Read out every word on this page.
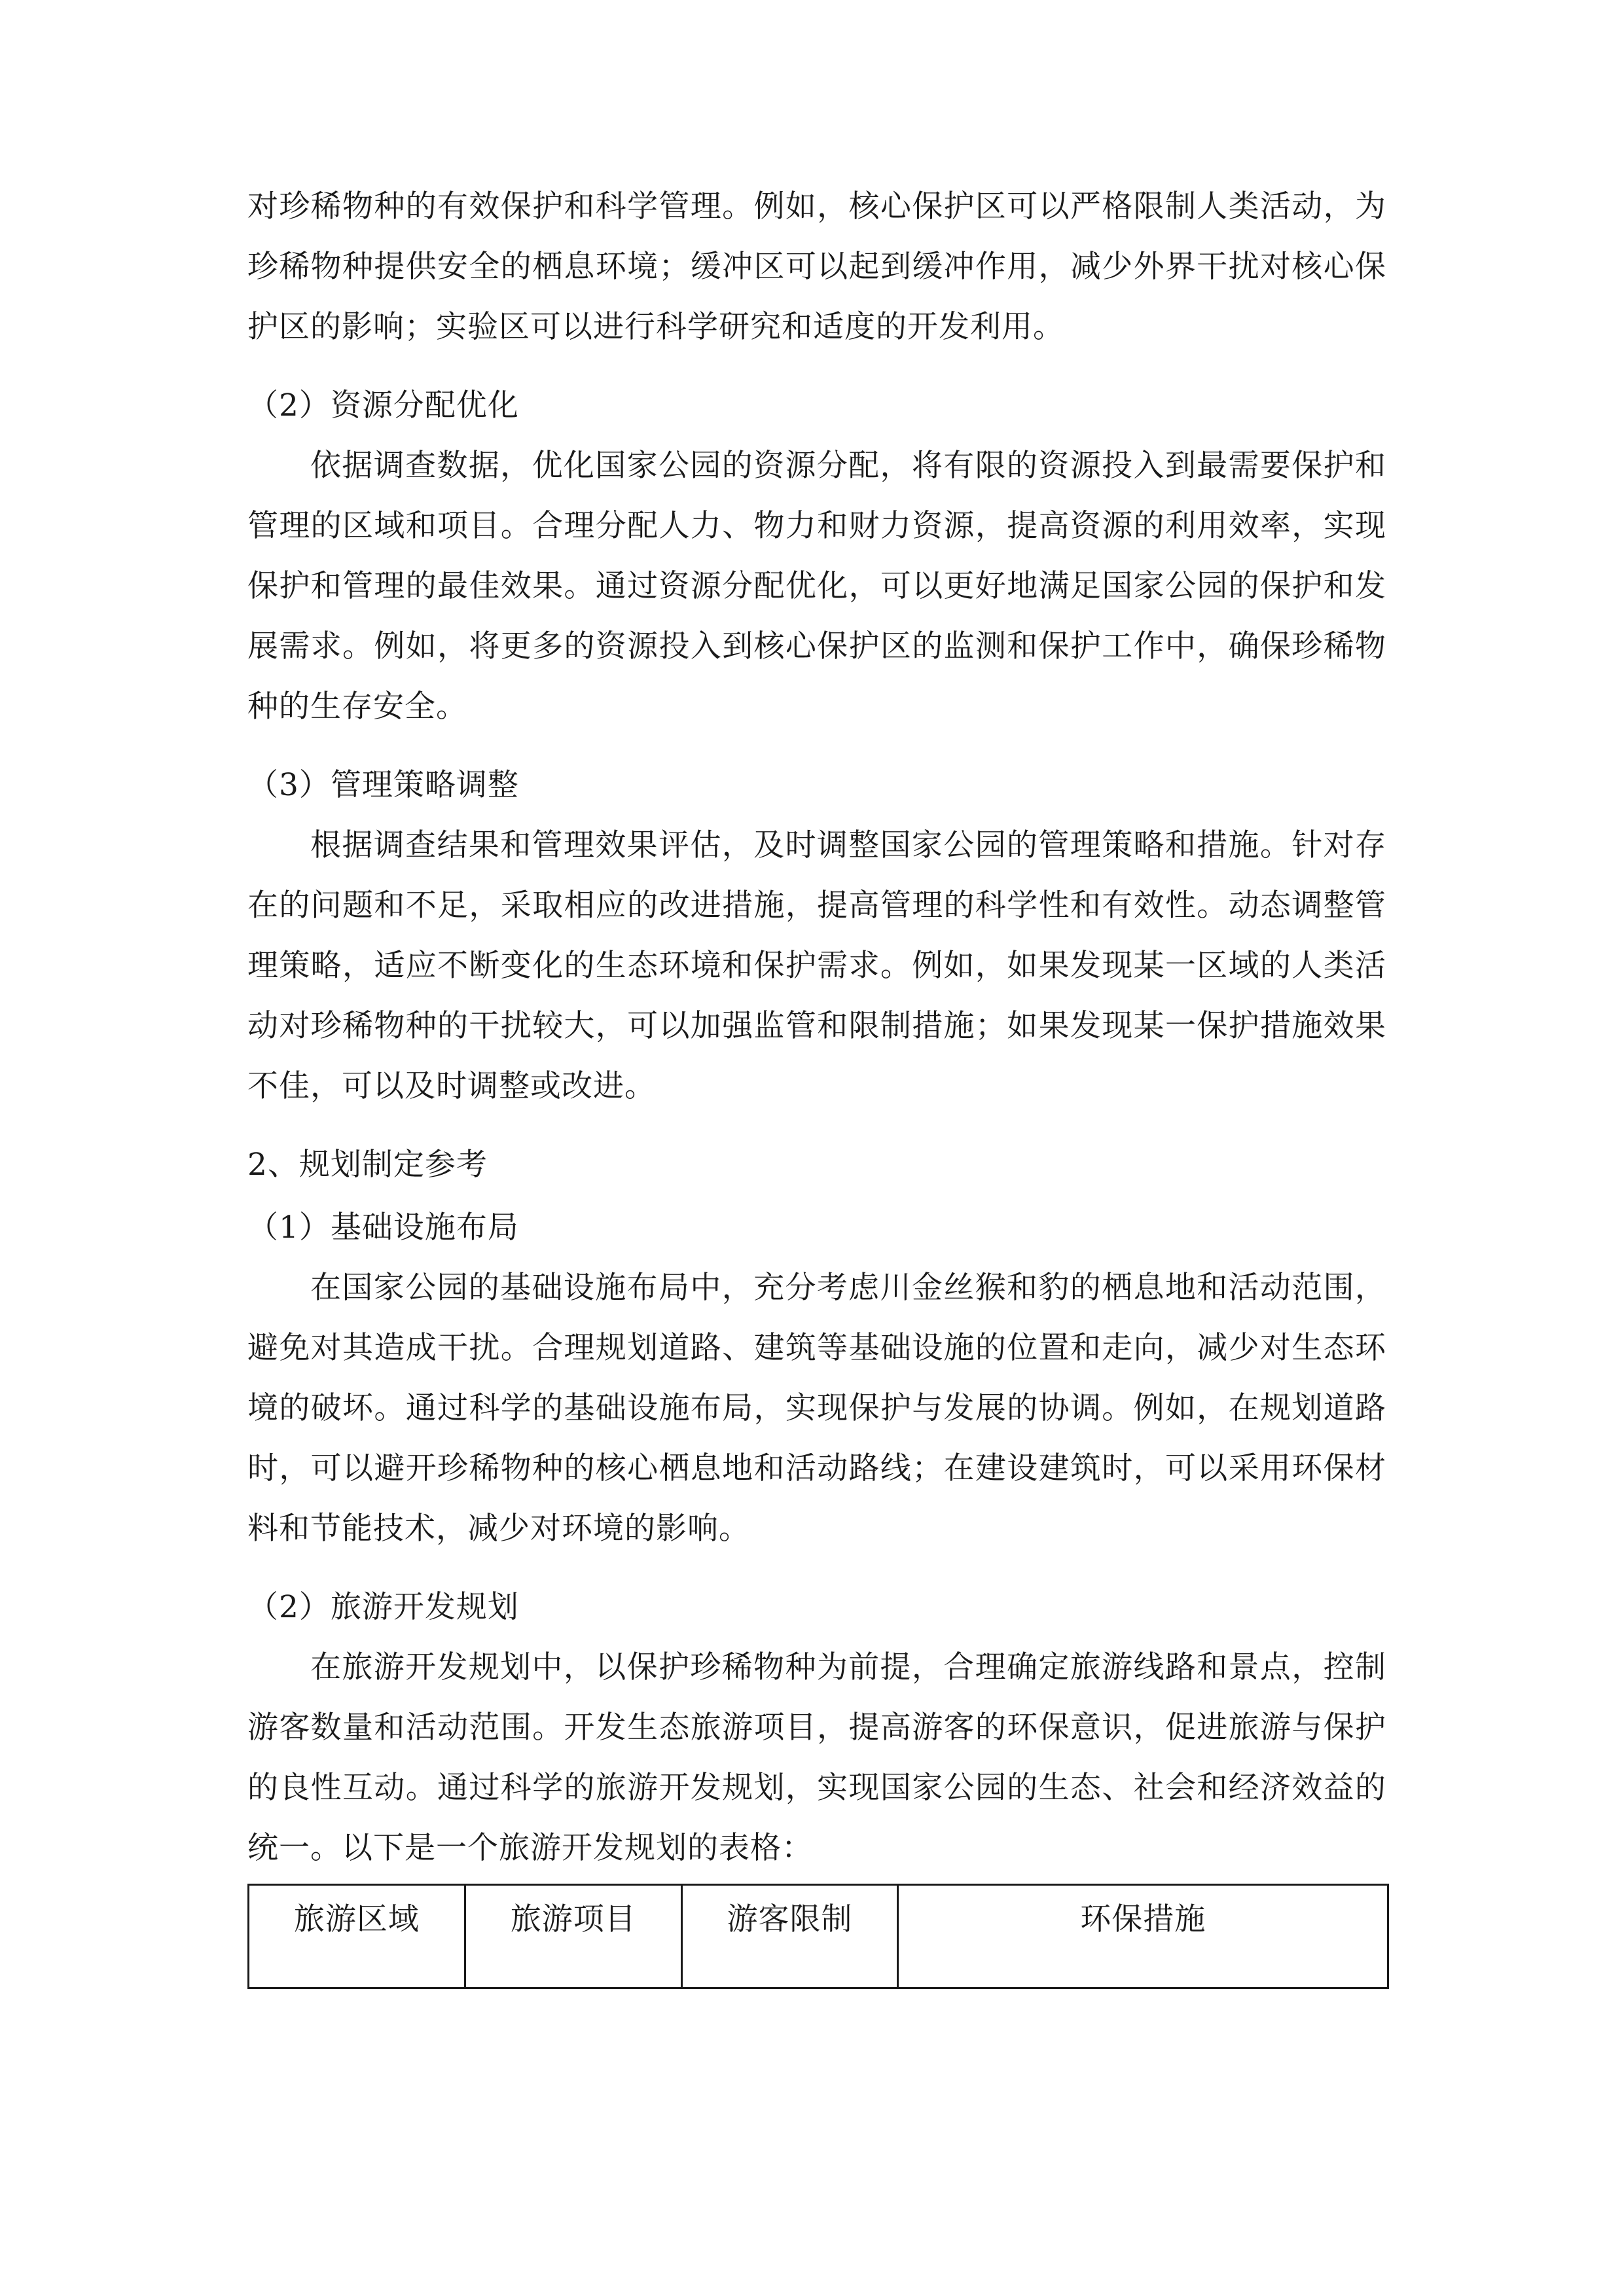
对珍稀物种的有效保护和科学管理。例如，核心保护区可以严格限制人类活动，为珍稀物种提供安全的栖息环境；缓冲区可以起到缓冲作用，减少外界干扰对核心保护区的影响；实验区可以进行科学研究和适度的开发利用。

（2）资源分配优化

依据调查数据，优化国家公园的资源分配，将有限的资源投入到最需要保护和管理的区域和项目。合理分配人力、物力和财力资源，提高资源的利用效率，实现保护和管理的最佳效果。通过资源分配优化，可以更好地满足国家公园的保护和发展需求。例如，将更多的资源投入到核心保护区的监测和保护工作中，确保珍稀物种的生存安全。

（3）管理策略调整

根据调查结果和管理效果评估，及时调整国家公园的管理策略和措施。针对存在的问题和不足，采取相应的改进措施，提高管理的科学性和有效性。动态调整管理策略，适应不断变化的生态环境和保护需求。例如，如果发现某一区域的人类活动对珍稀物种的干扰较大，可以加强监管和限制措施；如果发现某一保护措施效果不佳，可以及时调整或改进。

2、规划制定参考

（1）基础设施布局

在国家公园的基础设施布局中，充分考虑川金丝猴和豹的栖息地和活动范围，避免对其造成干扰。合理规划道路、建筑等基础设施的位置和走向，减少对生态环境的破坏。通过科学的基础设施布局，实现保护与发展的协调。例如，在规划道路时，可以避开珍稀物种的核心栖息地和活动路线；在建设建筑时，可以采用环保材料和节能技术，减少对环境的影响。

（2）旅游开发规划

在旅游开发规划中，以保护珍稀物种为前提，合理确定旅游线路和景点，控制游客数量和活动范围。开发生态旅游项目，提高游客的环保意识，促进旅游与保护的良性互动。通过科学的旅游开发规划，实现国家公园的生态、社会和经济效益的统一。以下是一个旅游开发规划的表格：

旅游区域	旅游项目	游客限制	环保措施
